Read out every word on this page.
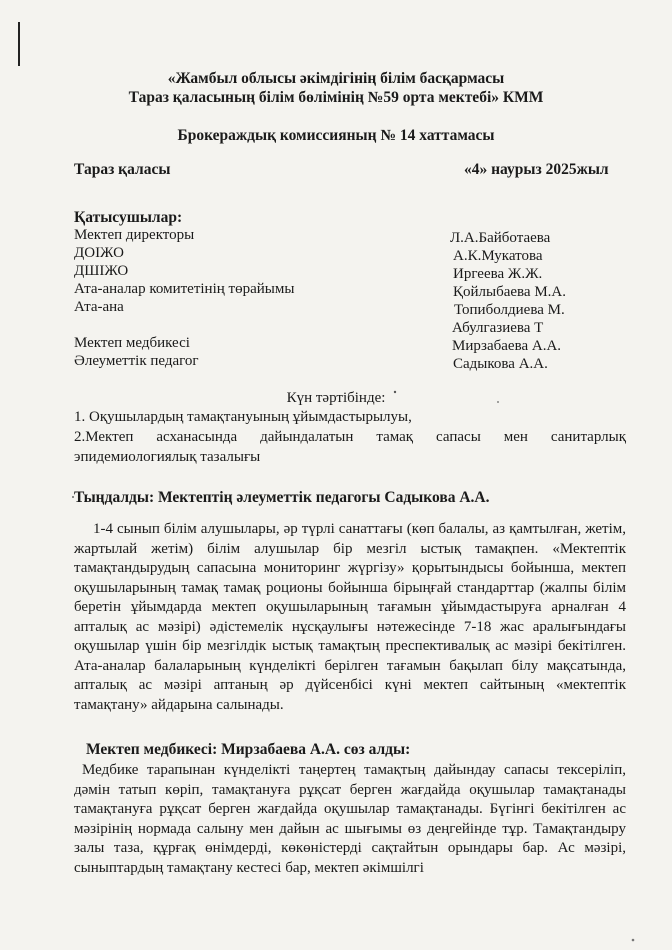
«Жамбыл облысы әкімдігінің білім басқармасы
Тараз қаласының білім бөлімінің №59 орта мектебі» КММ
Брокераждық комиссияның № 14 хаттамасы
Тараз қаласы	«4» наурыз 2025жыл
Қатысушылар:
Мектеп директоры
ДОІЖО
ДШІЖО
Ата-аналар комитетінің төрайымы
Ата-ана
Мектеп медбикесі
Әлеуметтік педагог
Л.А.Байботаева
А.К.Мукатова
Иргеева Ж.Ж.
Қойлыбаева М.А.
Топиболдиева М.
Абулгазиева Т
Мирзабаева А.А.
Садыкова А.А.
Күн тәртібінде:
1. Оқушылардың тамақтануының ұйымдастырылуы,
2.Мектеп асханасында дайындалатын тамақ сапасы мен санитарлық эпидемиологиялық тазалығы
Тыңдалды: Мектептің әлеуметтік педагогы Садыкова А.А.
1-4 сынып білім алушылары, әр түрлі санаттағы (көп балалы, аз қамтылған, жетім, жартылай жетім) білім алушылар бір мезгіл ыстық тамақпен. «Мектептік тамақтандырудың сапасына мониторинг жүргізу» қорытындысы бойынша, мектеп оқушыларының тамақ тамақ роционы бойынша бірыңғай стандарттар (жалпы білім беретін ұйымдарда мектеп оқушыларының тағамын ұйымдастыруға арналған 4 апталық ас мәзірі) әдістемелік нұсқаулығы нәтежесінде 7-18 жас аралығындағы оқушылар үшін бір мезгілдік ыстық тамақтың преспективалық ас мәзірі бекітілген. Ата-аналар балаларының күнделікті берілген тағамын бақылап білу мақсатында, апталық ас мәзірі аптаның әр дүйсенбісі күні мектеп сайтының «мектептік тамақтану» айдарына салынады.
Мектеп медбикесі: Мирзабаева А.А. сөз алды:
Медбике тарапынан күнделікті таңертең тамақтың дайындау сапасы тексеріліп, дәмін татып көріп, тамақтануға рұқсат берген жағдайда оқушылар тамақтанады тамақтануға рұқсат берген жағдайда оқушылар тамақтанады. Бүгінгі бекітілген ас мәзірінің нормада салыну мен дайын ас шығымы өз деңгейінде тұр. Тамақтандыру залы таза, құрғақ өнімдерді, көкөністерді сақтайтын орындары бар. Ас мәзірі, сыныптардың тамақтану кестесі бар, мектеп әкімшілгі
